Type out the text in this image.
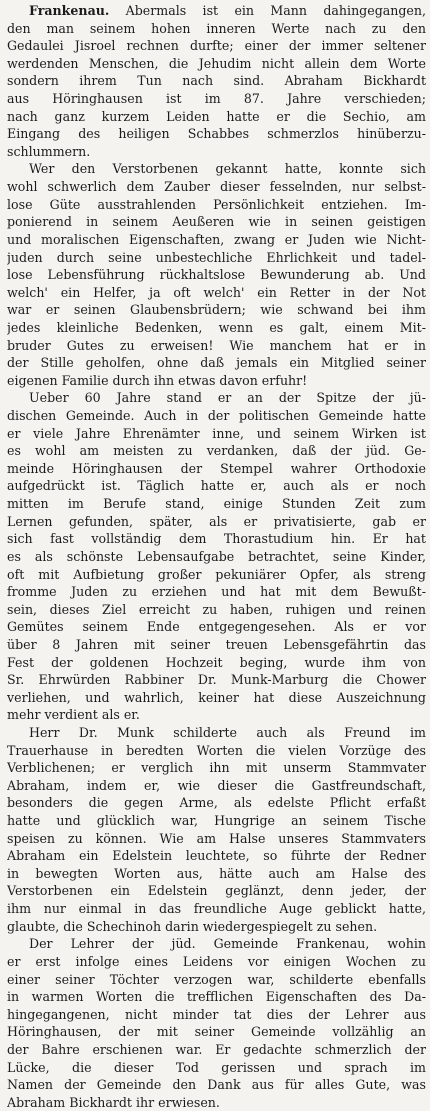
Frankenau. Abermals ist ein Mann dahingegangen,
den man seinem hohen inneren Werte nach zu den
Gedaulei Jisroel rechnen durfte; einer der immer seltener
werdenden Menschen, die Jehudim nicht allein dem Worte
sondern ihrem Tun nach sind. Abraham Bickhardt
aus Höringhausen ist im 87. Jahre verschieden;
nach ganz kurzem Leiden hatte er die Sechio, am
Eingang des heiligen Schabbes schmerzlos hinüberzu-
schlummern.
Wer den Verstorbenen gekannt hatte, konnte sich
wohl schwerlich dem Zauber dieser fesselnden, nur selbst-
lose Güte ausstrahlenden Persönlichkeit entziehen. Im-
ponierend in seinem Aeußeren wie in seinen geistigen
und moralischen Eigenschaften, zwang er Juden wie Nicht-
juden durch seine unbestechliche Ehrlichkeit und tadel-
lose Lebensführung rückhaltslose Bewunderung ab. Und
welch' ein Helfer, ja oft welch' ein Retter in der Not
war er seinen Glaubensbrüdern; wie schwand bei ihm
jedes kleinliche Bedenken, wenn es galt, einem Mit-
bruder Gutes zu erweisen! Wie manchem hat er in
der Stille geholfen, ohne daß jemals ein Mitglied seiner
eigenen Familie durch ihn etwas davon erfuhr!
Ueber 60 Jahre stand er an der Spitze der jü-
dischen Gemeinde. Auch in der politischen Gemeinde hatte
er viele Jahre Ehrenämter inne, und seinem Wirken ist
es wohl am meisten zu verdanken, daß der jüd. Ge-
meinde Höringhausen der Stempel wahrer Orthodoxie
aufgedrückt ist. Täglich hatte er, auch als er noch
mitten im Berufe stand, einige Stunden Zeit zum
Lernen gefunden, später, als er privatisierte, gab er
sich fast vollständig dem Thorastudium hin. Er hat
es als schönste Lebensaufgabe betrachtet, seine Kinder,
oft mit Aufbietung großer pekuniärer Opfer, als streng
fromme Juden zu erziehen und hat mit dem Bewußt-
sein, dieses Ziel erreicht zu haben, ruhigen und reinen
Gemütes seinem Ende entgegengesehen. Als er vor
über 8 Jahren mit seiner treuen Lebensgefährtin das
Fest der goldenen Hochzeit beging, wurde ihm von
Sr. Ehrwürden Rabbiner Dr. Munk-Marburg die Chower
verliehen, und wahrlich, keiner hat diese Auszeichnung
mehr verdient als er.
Herr Dr. Munk schilderte auch als Freund im
Trauerhause in beredten Worten die vielen Vorzüge des
Verblichenen; er verglich ihn mit unserm Stammvater
Abraham, indem er, wie dieser die Gastfreundschaft,
besonders die gegen Arme, als edelste Pflicht erfaßt
hatte und glücklich war, Hungrige an seinem Tische
speisen zu können. Wie am Halse unseres Stammvaters
Abraham ein Edelstein leuchtete, so führte der Redner
in bewegten Worten aus, hätte auch am Halse des
Verstorbenen ein Edelstein geglänzt, denn jeder, der
ihm nur einmal in das freundliche Auge geblickt hatte,
glaubte, die Schechinoh darin wiedergespiegelt zu sehen.
Der Lehrer der jüd. Gemeinde Frankenau, wohin
er erst infolge eines Leidens vor einigen Wochen zu
einer seiner Töchter verzogen war, schilderte ebenfalls
in warmen Worten die trefflichen Eigenschaften des Da-
hingegangenen, nicht minder tat dies der Lehrer aus
Höringhausen, der mit seiner Gemeinde vollzählig an
der Bahre erschienen war. Er gedachte schmerzlich der
Lücke, die dieser Tod gerissen und sprach im
Namen der Gemeinde den Dank aus für alles Gute, was
Abraham Bickhardt ihr erwiesen.
